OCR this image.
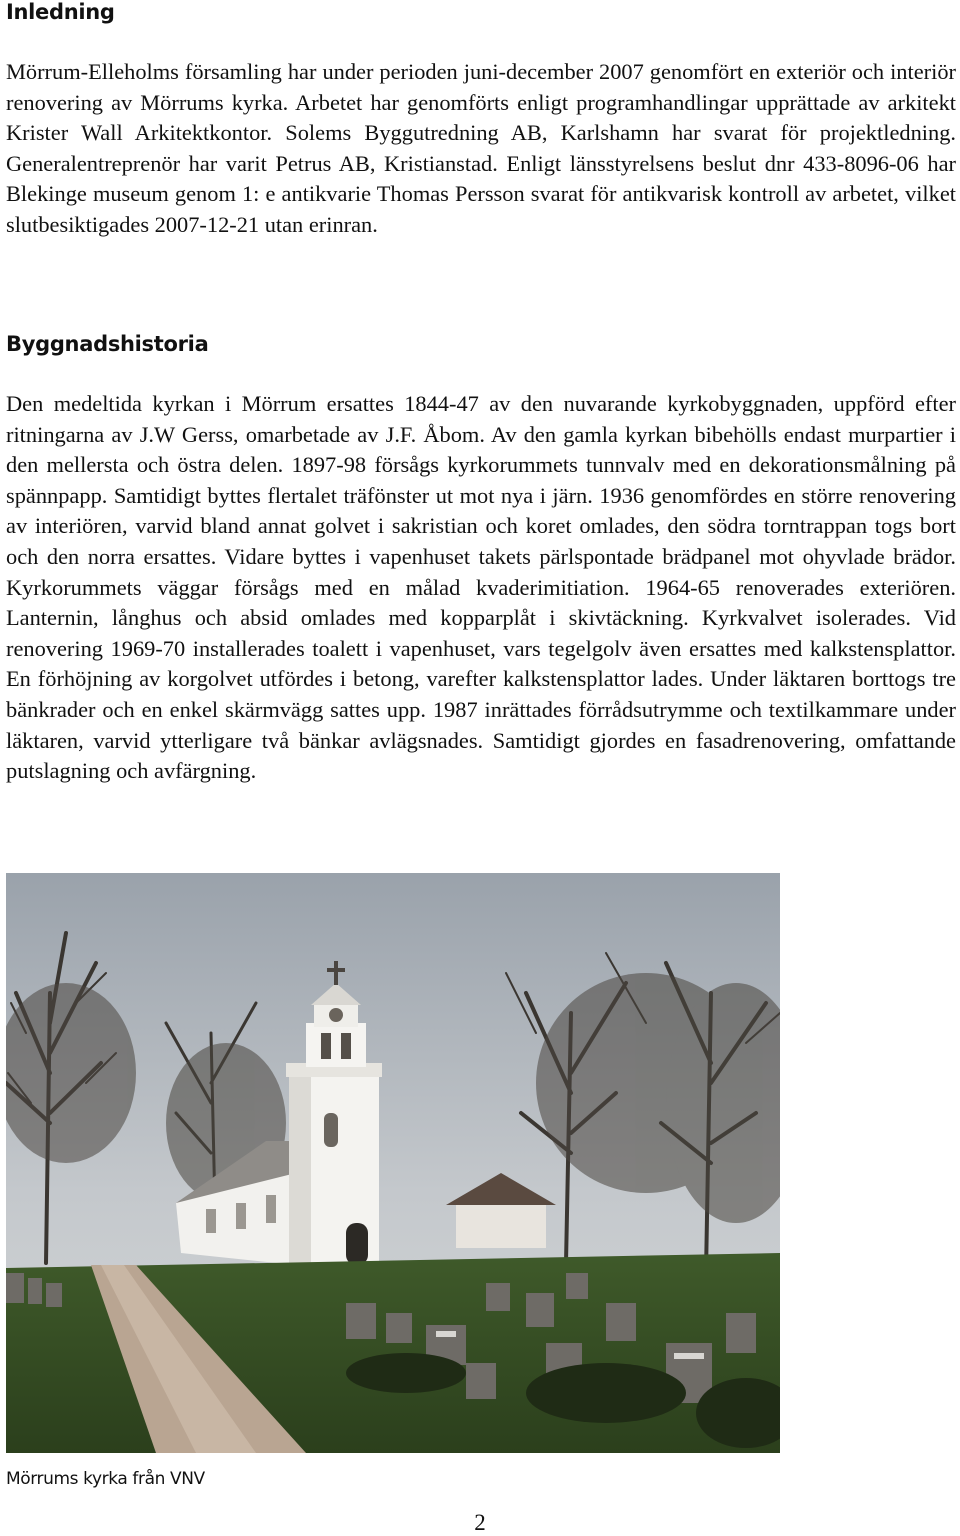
Inledning

Mörrum-Elleholms församling har under perioden juni-december 2007 genomfört en exteriör och interiör renovering av Mörrums kyrka. Arbetet har genomförts enligt programhandlingar upprättade av arkitekt Krister Wall Arkitektkontor. Solems Byggutredning AB, Karlshamn har svarat för projektledning. Generalentreprenör har varit Petrus AB, Kristianstad. Enligt länsstyrelsens beslut dnr 433-8096-06 har Blekinge museum genom 1: e antikvarie Thomas Persson svarat för antikvarisk kontroll av arbetet, vilket slutbesiktigades 2007-12-21 utan erinran.

Byggnadshistoria

Den medeltida kyrkan i Mörrum ersattes 1844-47 av den nuvarande kyrkobyggnaden, uppförd efter ritningarna av J.W Gerss, omarbetade av J.F. Åbom. Av den gamla kyrkan bibehölls endast murpartier i den mellersta och östra delen. 1897-98 försågs kyrkorummets tunnvalv med en dekorationsmålning på spännpapp. Samtidigt byttes flertalet träfönster ut mot nya i järn. 1936 genomfördes en större renovering av interiören, varvid bland annat golvet i sakristian och koret omlades, den södra torntrappan togs bort och den norra ersattes. Vidare byttes i vapenhuset takets pärlspontade brädpanel mot ohyvlade brädor. Kyrkorummets väggar försågs med en målad kvaderimitiation. 1964-65 renoverades exteriören. Lanternin, långhus och absid omlades med kopparplåt i skivtäckning. Kyrkvalvet isolerades. Vid renovering 1969-70 installerades toalett i vapenhuset, vars tegelgolv även ersattes med kalkstensplattor. En förhöjning av korgolvet utfördes i betong, varefter kalkstensplattor lades. Under läktaren borttogs tre bänkrader och en enkel skärmvägg sattes upp. 1987 inrättades förrådsutrymme och textilkammare under läktaren, varvid ytterligare två bänkar avlägsnades. Samtidigt gjordes en fasadrenovering, omfattande putslagning och avfärgning.

Mörrums kyrka från VNV

2
